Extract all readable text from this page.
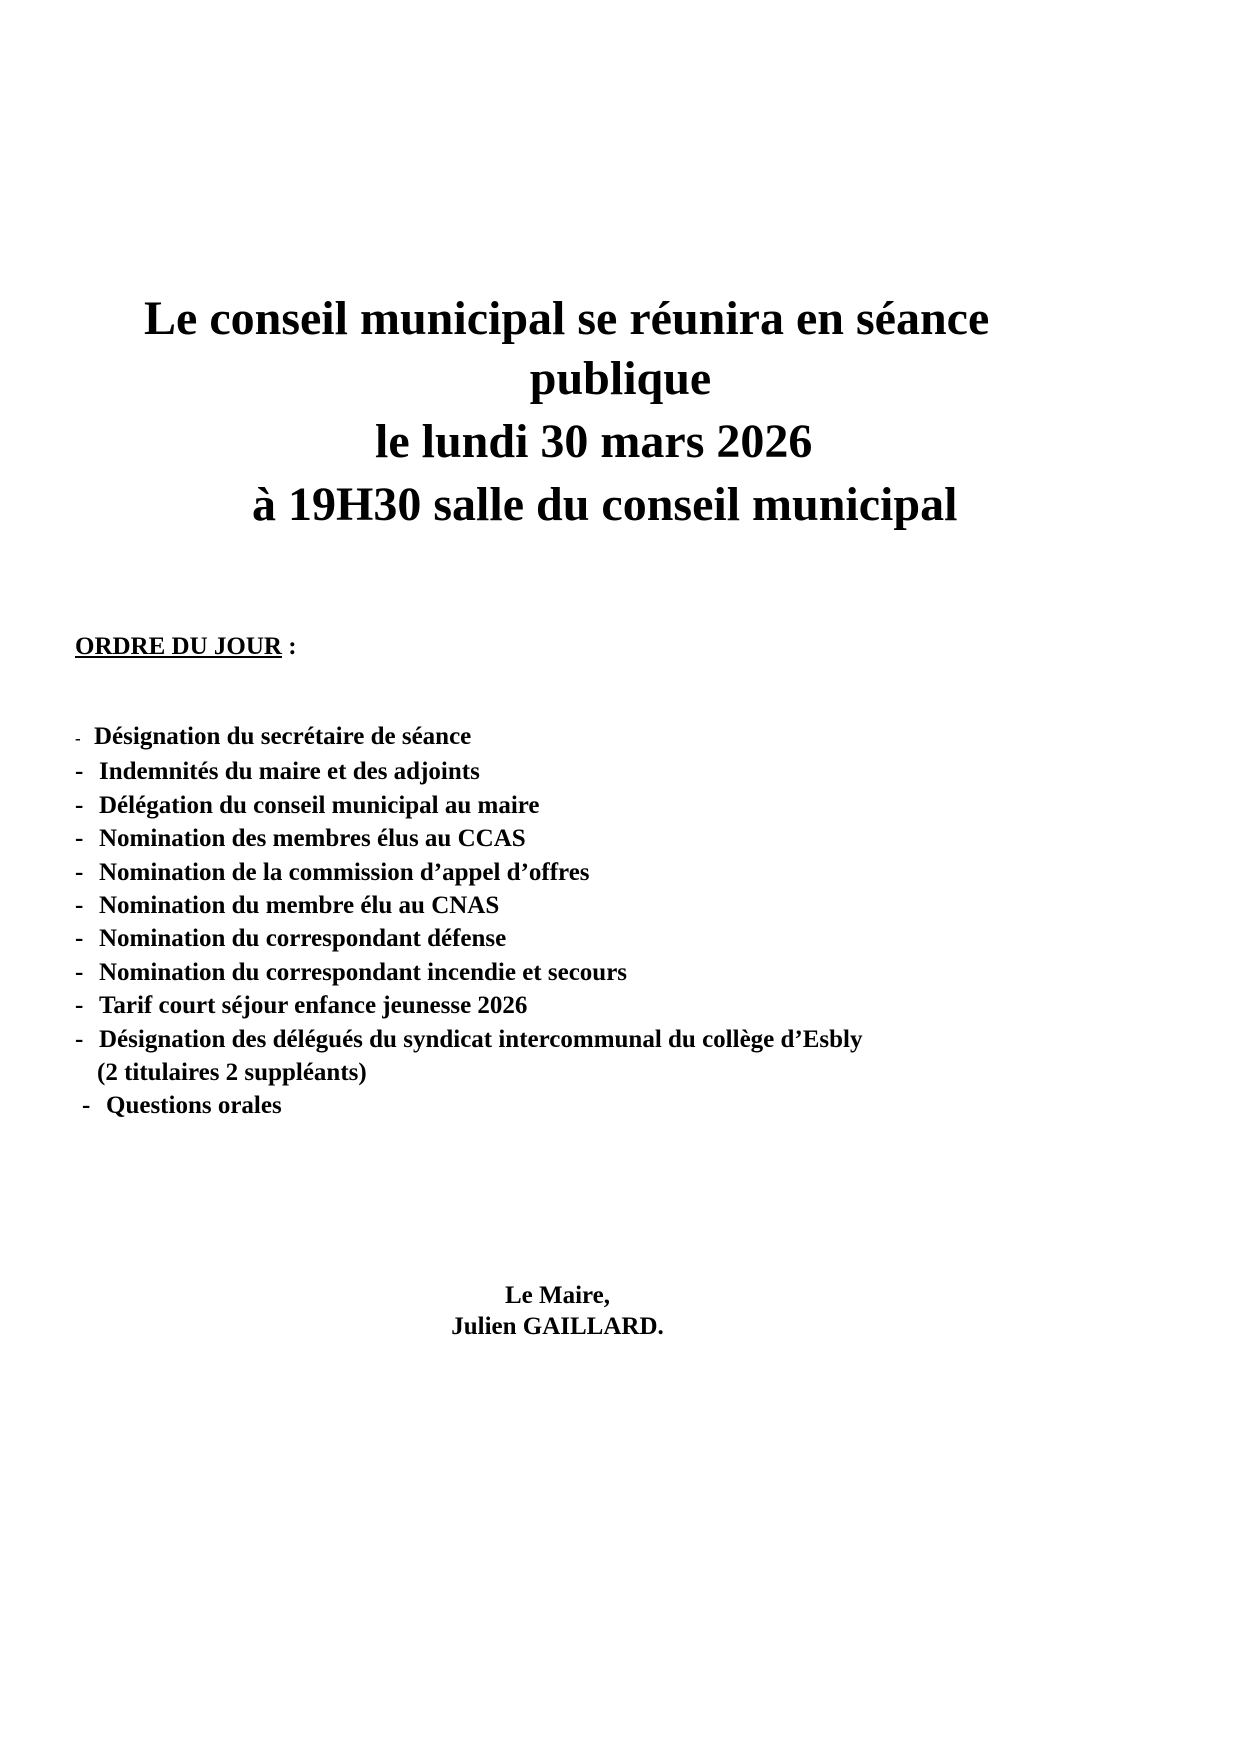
Le conseil municipal se réunira en séance
publique
le lundi 30 mars 2026
à 19H30 salle du conseil municipal
ORDRE DU JOUR :
- Désignation du secrétaire de séance
- Indemnités du maire et des adjoints
- Délégation du conseil municipal au maire
- Nomination des membres élus au CCAS
- Nomination de la commission d’appel d’offres
- Nomination du membre élu au CNAS
- Nomination du correspondant défense
- Nomination du correspondant incendie et secours
- Tarif court séjour enfance jeunesse 2026
- Désignation des délégués du syndicat intercommunal du collège d’Esbly
(2 titulaires 2 suppléants)
- Questions orales
Le Maire,
Julien GAILLARD.
